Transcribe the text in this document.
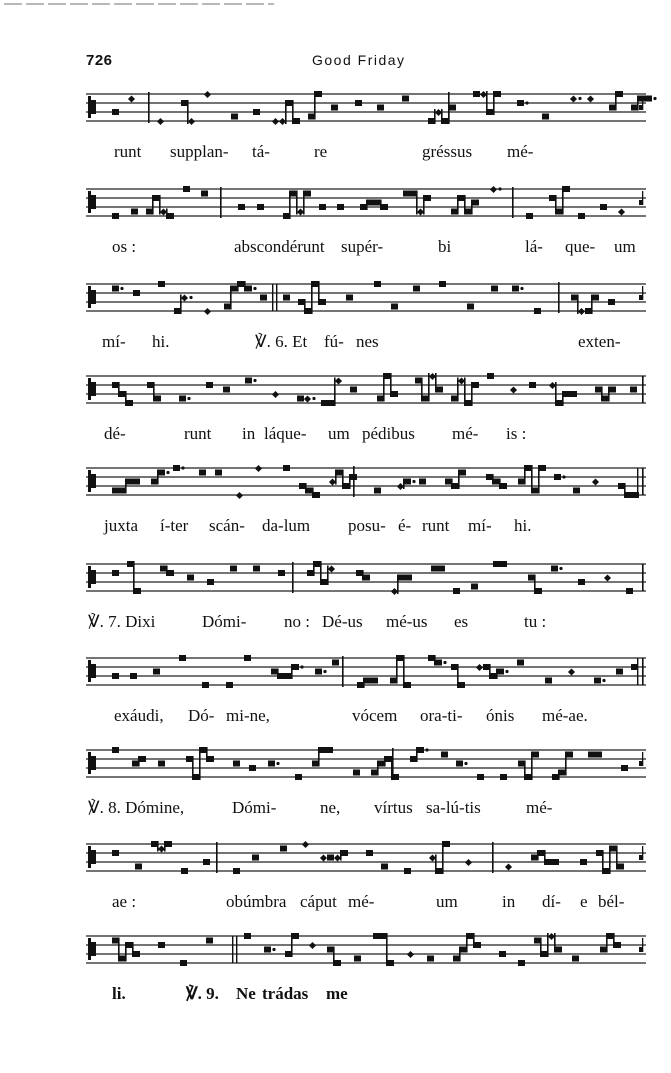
726	Good Friday
runt supplan- tá-	re	gréssus mé-
os :	abscondérunt supér-	bi	lá- que- um
mí- hi.	℣. 6. Et fú- nes	exten-
dé-	runt in láque- um pédibus mé- is :
juxta í-ter scán- da-lum posu- é- runt mí- hi.
℣. 7. Dixi	Dómi- no : Dé-us mé-us es	tu :
exáudi, Dó- mi-ne,	vócem ora-ti- ónis mé-ae.
℣. 8. Dómine,	Dómi-	ne, vírtus sa-lú-tis	mé-
ae :	obúmbra cáput mé-	um	in dí- e bél-
li.	℣. 9. Ne trádas me
